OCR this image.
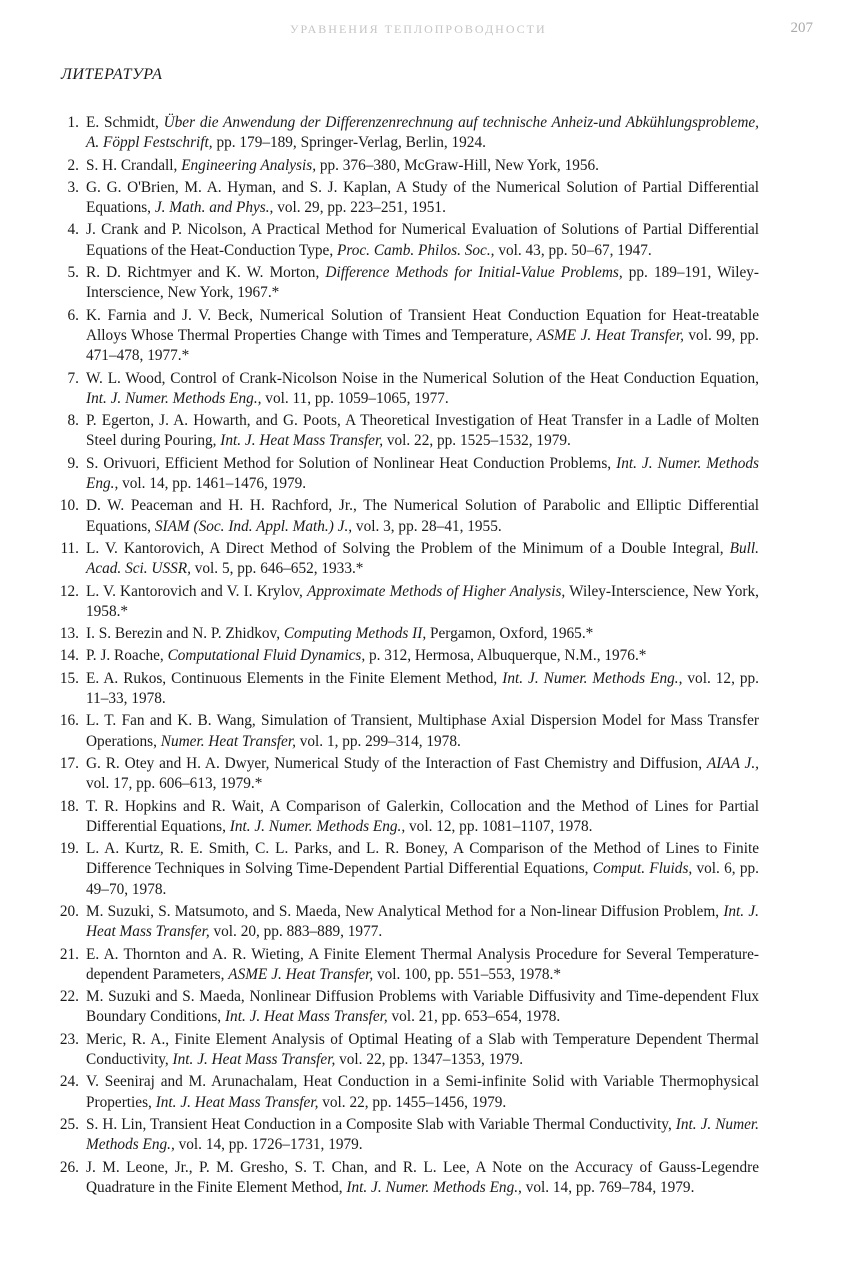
УРАВНЕНИЯ ТЕПЛОПРОВОДНОСТИ	207
ЛИТЕРАТУРА
1. E. Schmidt, Über die Anwendung der Differenzenrechnung auf technische Anheiz-und Abkühlungsprobleme, A. Föppl Festschrift, pp. 179–189, Springer-Verlag, Berlin, 1924.
2. S. H. Crandall, Engineering Analysis, pp. 376–380, McGraw-Hill, New York, 1956.
3. G. G. O'Brien, M. A. Hyman, and S. J. Kaplan, A Study of the Numerical Solution of Partial Differential Equations, J. Math. and Phys., vol. 29, pp. 223–251, 1951.
4. J. Crank and P. Nicolson, A Practical Method for Numerical Evaluation of Solutions of Partial Differential Equations of the Heat-Conduction Type, Proc. Camb. Philos. Soc., vol. 43, pp. 50–67, 1947.
5. R. D. Richtmyer and K. W. Morton, Difference Methods for Initial-Value Problems, pp. 189–191, Wiley-Interscience, New York, 1967.*
6. K. Farnia and J. V. Beck, Numerical Solution of Transient Heat Conduction Equation for Heat-treatable Alloys Whose Thermal Properties Change with Times and Temperature, ASME J. Heat Transfer, vol. 99, pp. 471–478, 1977.*
7. W. L. Wood, Control of Crank-Nicolson Noise in the Numerical Solution of the Heat Conduction Equation, Int. J. Numer. Methods Eng., vol. 11, pp. 1059–1065, 1977.
8. P. Egerton, J. A. Howarth, and G. Poots, A Theoretical Investigation of Heat Transfer in a Ladle of Molten Steel during Pouring, Int. J. Heat Mass Transfer, vol. 22, pp. 1525–1532, 1979.
9. S. Orivuori, Efficient Method for Solution of Nonlinear Heat Conduction Problems, Int. J. Numer. Methods Eng., vol. 14, pp. 1461–1476, 1979.
10. D. W. Peaceman and H. H. Rachford, Jr., The Numerical Solution of Parabolic and Elliptic Differential Equations, SIAM (Soc. Ind. Appl. Math.) J., vol. 3, pp. 28–41, 1955.
11. L. V. Kantorovich, A Direct Method of Solving the Problem of the Minimum of a Double Integral, Bull. Acad. Sci. USSR, vol. 5, pp. 646–652, 1933.*
12. L. V. Kantorovich and V. I. Krylov, Approximate Methods of Higher Analysis, Wiley-Interscience, New York, 1958.*
13. I. S. Berezin and N. P. Zhidkov, Computing Methods II, Pergamon, Oxford, 1965.*
14. P. J. Roache, Computational Fluid Dynamics, p. 312, Hermosa, Albuquerque, N.M., 1976.*
15. E. A. Rukos, Continuous Elements in the Finite Element Method, Int. J. Numer. Methods Eng., vol. 12, pp. 11–33, 1978.
16. L. T. Fan and K. B. Wang, Simulation of Transient, Multiphase Axial Dispersion Model for Mass Transfer Operations, Numer. Heat Transfer, vol. 1, pp. 299–314, 1978.
17. G. R. Otey and H. A. Dwyer, Numerical Study of the Interaction of Fast Chemistry and Diffusion, AIAA J., vol. 17, pp. 606–613, 1979.*
18. T. R. Hopkins and R. Wait, A Comparison of Galerkin, Collocation and the Method of Lines for Partial Differential Equations, Int. J. Numer. Methods Eng., vol. 12, pp. 1081–1107, 1978.
19. L. A. Kurtz, R. E. Smith, C. L. Parks, and L. R. Boney, A Comparison of the Method of Lines to Finite Difference Techniques in Solving Time-Dependent Partial Differential Equations, Comput. Fluids, vol. 6, pp. 49–70, 1978.
20. M. Suzuki, S. Matsumoto, and S. Maeda, New Analytical Method for a Non-linear Diffusion Problem, Int. J. Heat Mass Transfer, vol. 20, pp. 883–889, 1977.
21. E. A. Thornton and A. R. Wieting, A Finite Element Thermal Analysis Procedure for Several Temperature-dependent Parameters, ASME J. Heat Transfer, vol. 100, pp. 551–553, 1978.*
22. M. Suzuki and S. Maeda, Nonlinear Diffusion Problems with Variable Diffusivity and Time-dependent Flux Boundary Conditions, Int. J. Heat Mass Transfer, vol. 21, pp. 653–654, 1978.
23. Meric, R. A., Finite Element Analysis of Optimal Heating of a Slab with Temperature Dependent Thermal Conductivity, Int. J. Heat Mass Transfer, vol. 22, pp. 1347–1353, 1979.
24. V. Seeniraj and M. Arunachalam, Heat Conduction in a Semi-infinite Solid with Variable Thermophysical Properties, Int. J. Heat Mass Transfer, vol. 22, pp. 1455–1456, 1979.
25. S. H. Lin, Transient Heat Conduction in a Composite Slab with Variable Thermal Conductivity, Int. J. Numer. Methods Eng., vol. 14, pp. 1726–1731, 1979.
26. J. M. Leone, Jr., P. M. Gresho, S. T. Chan, and R. L. Lee, A Note on the Accuracy of Gauss-Legendre Quadrature in the Finite Element Method, Int. J. Numer. Methods Eng., vol. 14, pp. 769–784, 1979.
